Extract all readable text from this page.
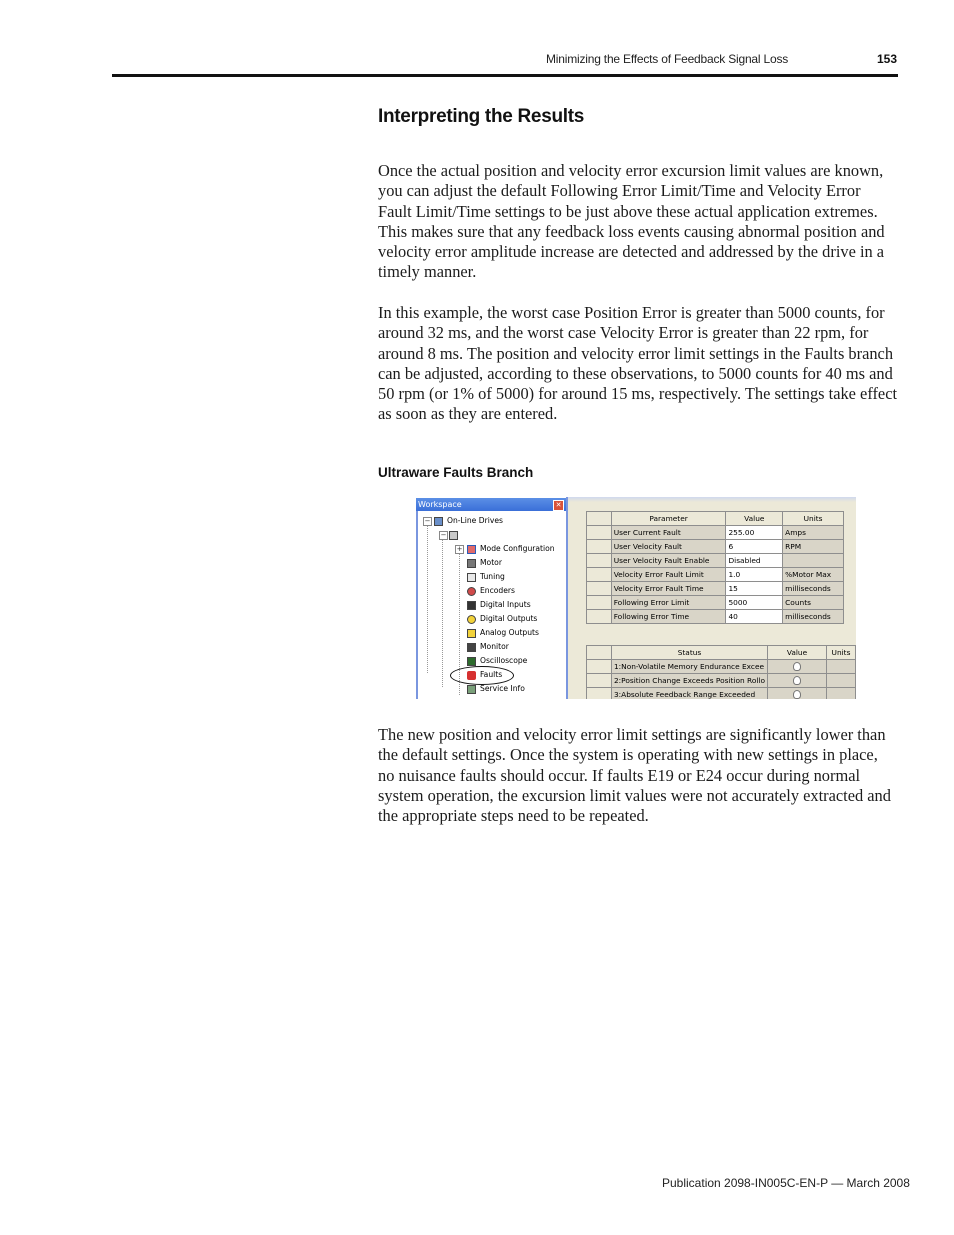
Minimizing the Effects of Feedback Signal Loss	153
Interpreting the Results

Once the actual position and velocity error excursion limit values are known, you can adjust the default Following Error Limit/Time and Velocity Error Fault Limit/Time settings to be just above these actual application extremes. This makes sure that any feedback loss events causing abnormal position and velocity error amplitude increase are detected and addressed by the drive in a timely manner.

In this example, the worst case Position Error is greater than 5000 counts, for around 32 ms, and the worst case Velocity Error is greater than 22 rpm, for around 8 ms. The position and velocity error limit settings in the Faults branch can be adjusted, according to these observations, to 5000 counts for 40 ms and 50 rpm (or 1% of 5000) for around 15 ms, respectively. The settings take effect as soon as they are entered.

Ultraware Faults Branch
Workspace	✕
−	On-Line Drives
−
+	Mode Configuration
Motor
Tuning
Encoders
Digital Inputs
Digital Outputs
Analog Outputs
Monitor
Oscilloscope
Faults
Service Info
	Parameter	Value	Units
	User Current Fault	255.00	Amps
	User Velocity Fault	6	RPM
	User Velocity Fault Enable	Disabled	
	Velocity Error Fault Limit	1.0	%Motor Max
	Velocity Error Fault Time	15	milliseconds
	Following Error Limit	5000	Counts
	Following Error Time	40	milliseconds
	Status	Value	Units
	1:Non-Volatile Memory Endurance Excee		
	2:Position Change Exceeds Position Rollo		
	3:Absolute Feedback Range Exceeded		

The new position and velocity error limit settings are significantly lower than the default settings. Once the system is operating with new settings in place, no nuisance faults should occur. If faults E19 or E24 occur during normal system operation, the excursion limit values were not accurately extracted and the appropriate steps need to be repeated.

Publication 2098-IN005C-EN-P — March 2008
